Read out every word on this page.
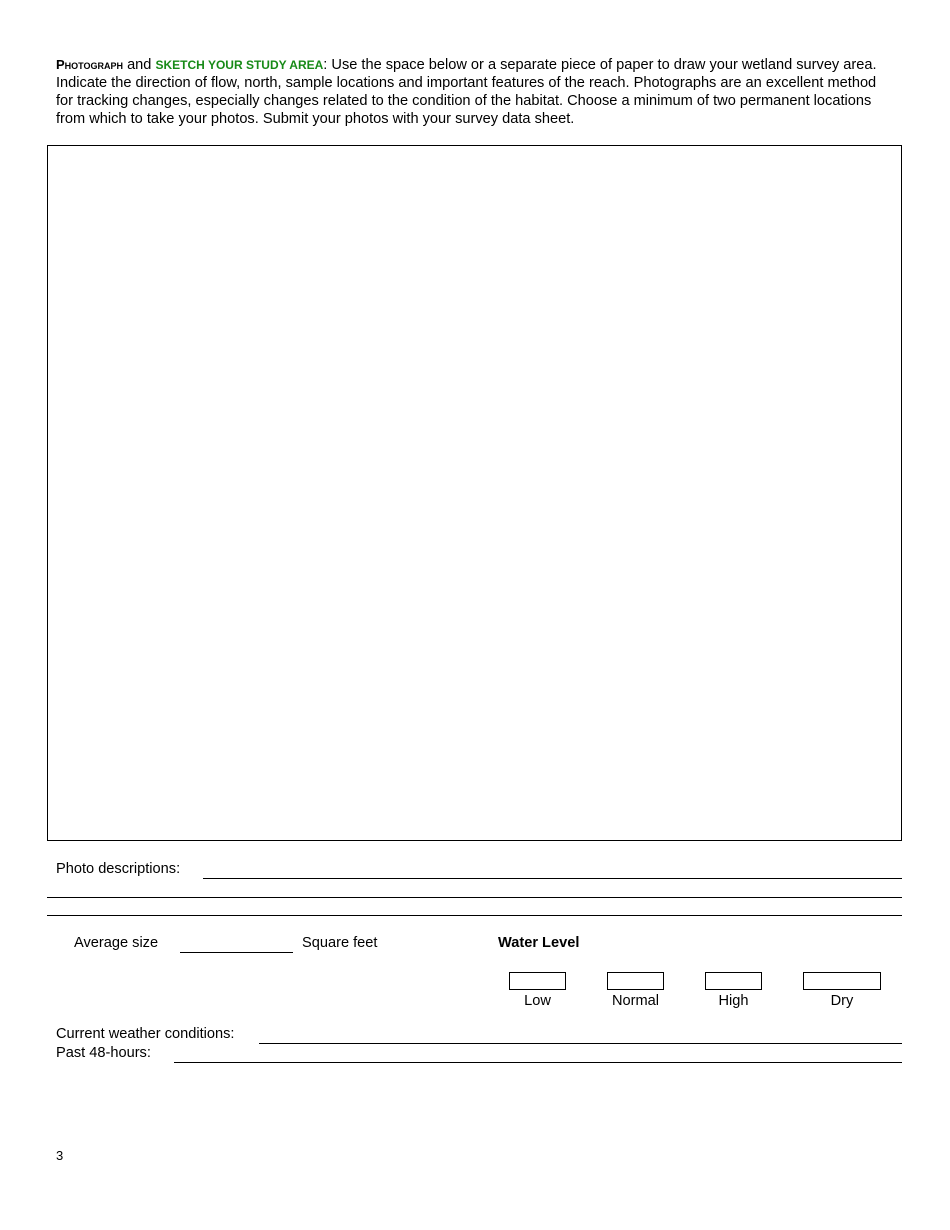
Photograph and SKETCH YOUR STUDY AREA: Use the space below or a separate piece of paper to draw your wetland survey area. Indicate the direction of flow, north, sample locations and important features of the reach. Photographs are an excellent method for tracking changes, especially changes related to the condition of the habitat. Choose a minimum of two permanent locations from which to take your photos. Submit your photos with your survey data sheet.
Photo descriptions:
Average size	Square feet	Water Level
Low	Normal	High	Dry
Current weather conditions:
Past 48-hours:
3
